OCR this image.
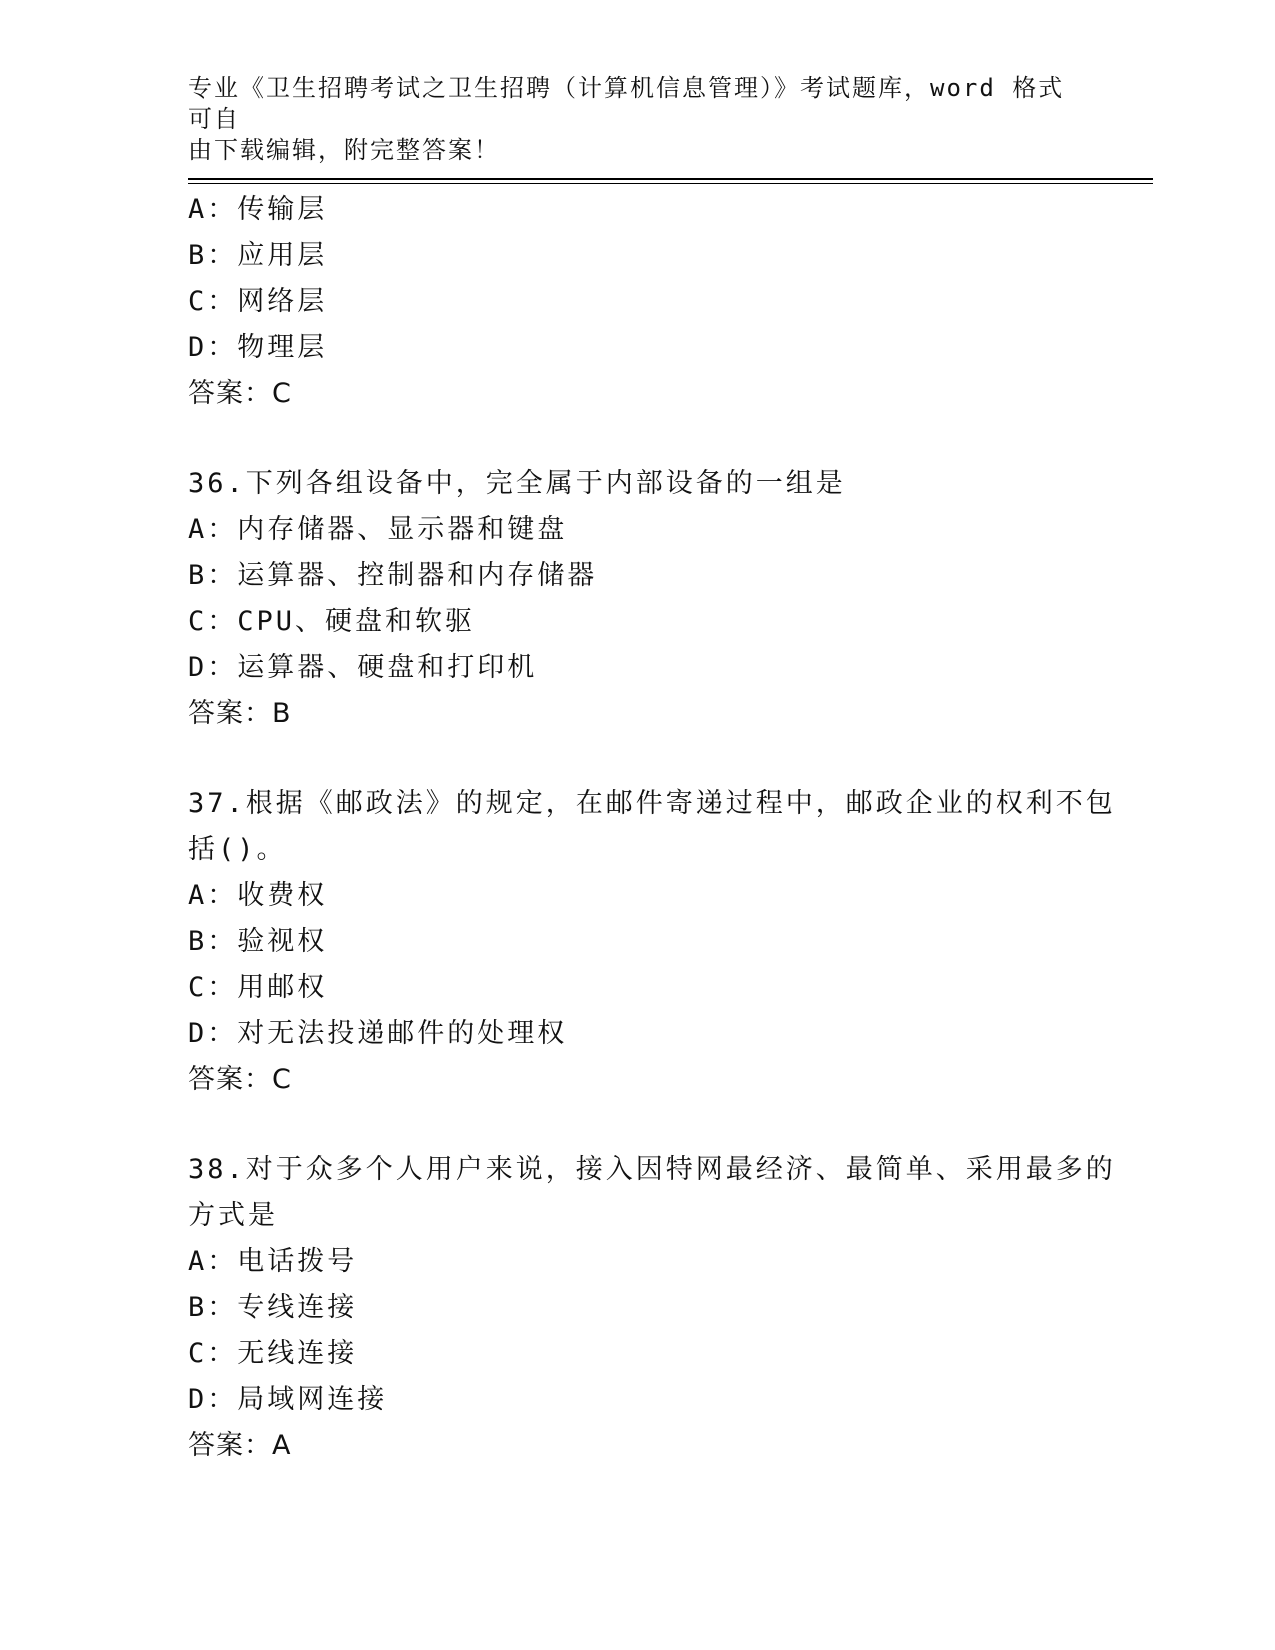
专业《卫生招聘考试之卫生招聘（计算机信息管理）》考试题库，word 格式可自
由下载编辑，附完整答案！
A：传输层
B：应用层
C：网络层
D：物理层
答案：C
36.下列各组设备中，完全属于内部设备的一组是
A：内存储器、显示器和键盘
B：运算器、控制器和内存储器
C：CPU、硬盘和软驱
D：运算器、硬盘和打印机
答案：B
37.根据《邮政法》的规定，在邮件寄递过程中，邮政企业的权利不包
括()。
A：收费权
B：验视权
C：用邮权
D：对无法投递邮件的处理权
答案：C
38.对于众多个人用户来说，接入因特网最经济、最简单、采用最多的
方式是
A：电话拨号
B：专线连接
C：无线连接
D：局域网连接
答案：A
